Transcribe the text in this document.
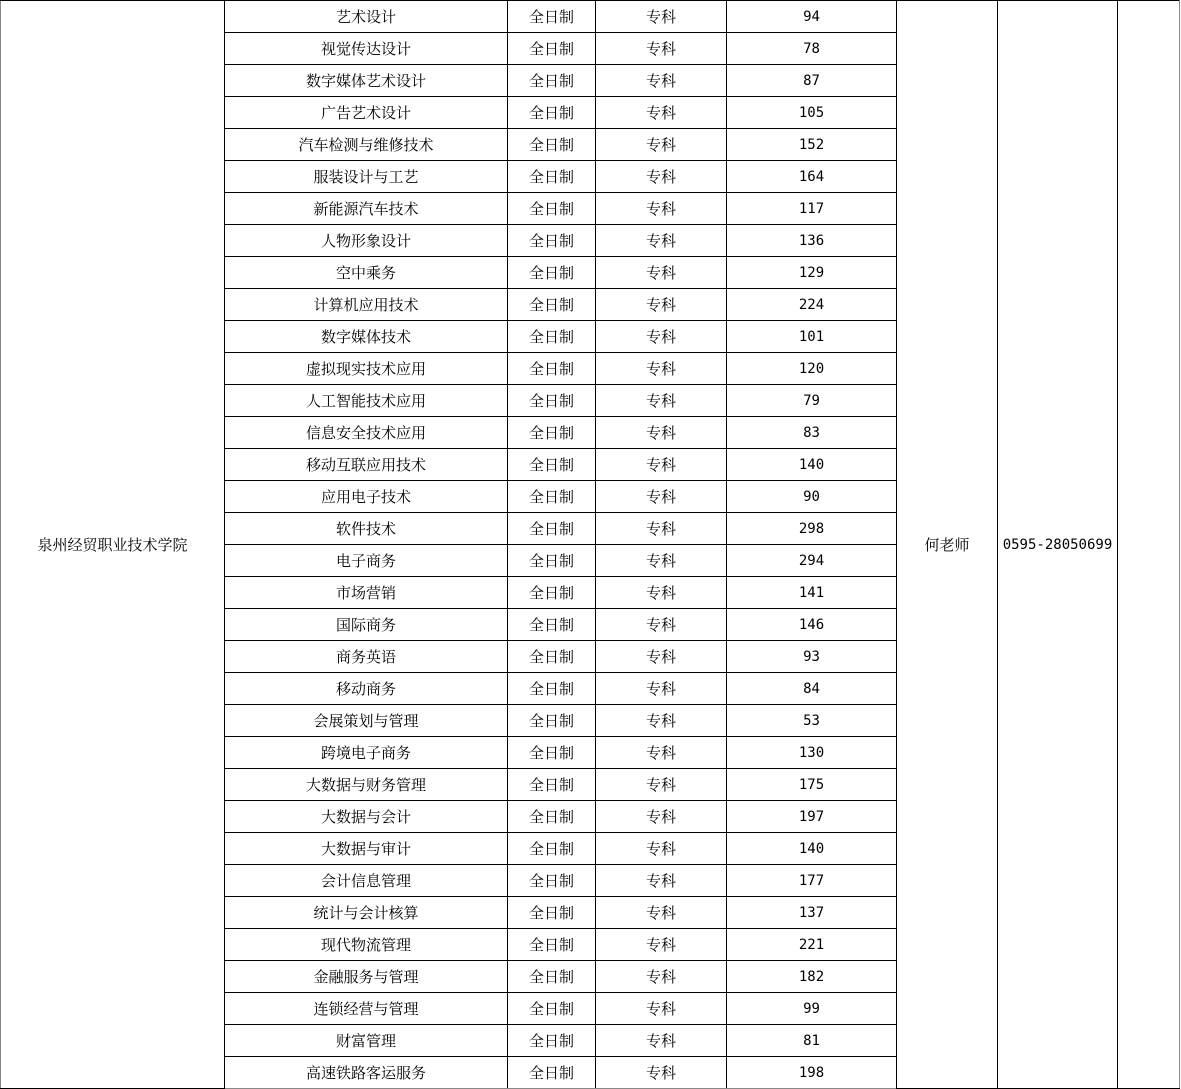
泉州经贸职业技术学院	艺术设计	全日制	专科	94	何老师	0595-28050699	
	视觉传达设计	全日制	专科	78			
	数字媒体艺术设计	全日制	专科	87			
	广告艺术设计	全日制	专科	105			
	汽车检测与维修技术	全日制	专科	152			
	服装设计与工艺	全日制	专科	164			
	新能源汽车技术	全日制	专科	117			
	人物形象设计	全日制	专科	136			
	空中乘务	全日制	专科	129			
	计算机应用技术	全日制	专科	224			
	数字媒体技术	全日制	专科	101			
	虚拟现实技术应用	全日制	专科	120			
	人工智能技术应用	全日制	专科	79			
	信息安全技术应用	全日制	专科	83			
	移动互联应用技术	全日制	专科	140			
	应用电子技术	全日制	专科	90			
	软件技术	全日制	专科	298			
	电子商务	全日制	专科	294			
	市场营销	全日制	专科	141			
	国际商务	全日制	专科	146			
	商务英语	全日制	专科	93			
	移动商务	全日制	专科	84			
	会展策划与管理	全日制	专科	53			
	跨境电子商务	全日制	专科	130			
	大数据与财务管理	全日制	专科	175			
	大数据与会计	全日制	专科	197			
	大数据与审计	全日制	专科	140			
	会计信息管理	全日制	专科	177			
	统计与会计核算	全日制	专科	137			
	现代物流管理	全日制	专科	221			
	金融服务与管理	全日制	专科	182			
	连锁经营与管理	全日制	专科	99			
	财富管理	全日制	专科	81			
	高速铁路客运服务	全日制	专科	198			
